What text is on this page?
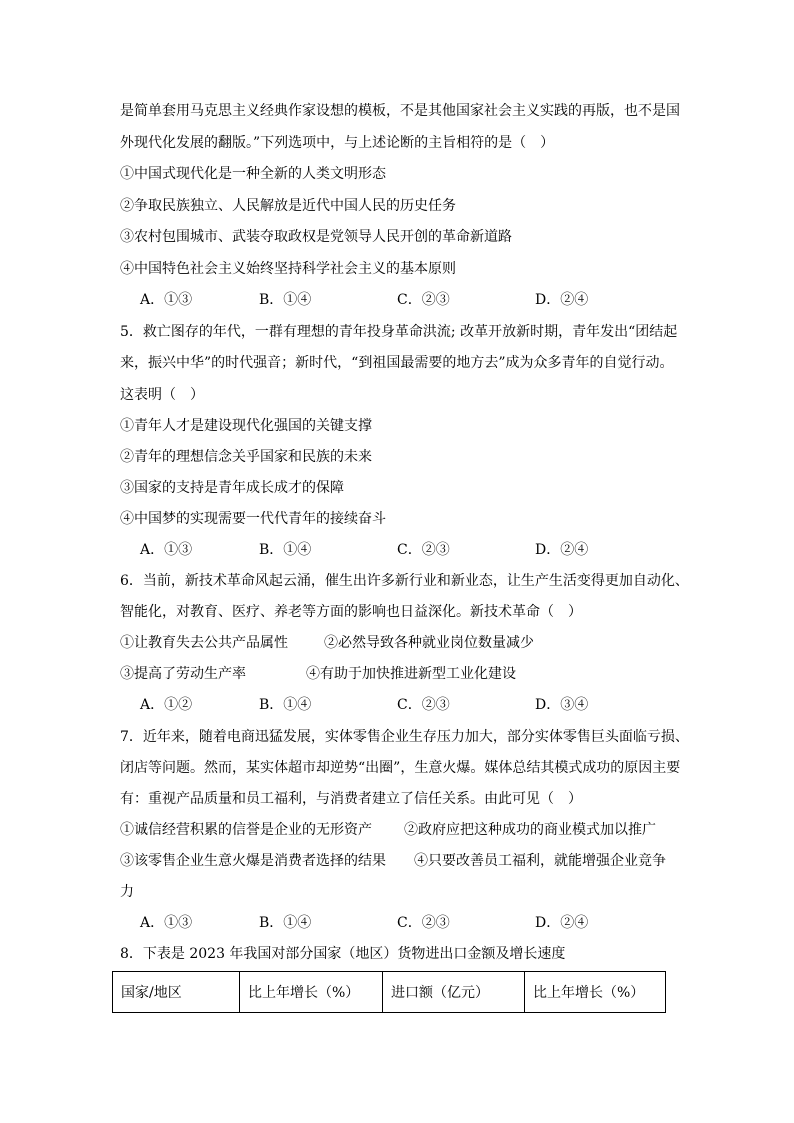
是简单套用马克思主义经典作家设想的模板，不是其他国家社会主义实践的再版，也不是国
外现代化发展的翻版。”下列选项中，与上述论断的主旨相符的是（　）
①中国式现代化是一种全新的人类文明形态
②争取民族独立、人民解放是近代中国人民的历史任务
③农村包围城市、武装夺取政权是党领导人民开创的革命新道路
④中国特色社会主义始终坚持科学社会主义的基本原则
A．①③	B．①④	C．②③	D．②④
5．救亡图存的年代，一群有理想的青年投身革命洪流; 改革开放新时期，青年发出“团结起
来，振兴中华”的时代强音；新时代，“到祖国最需要的地方去”成为众多青年的自觉行动。
这表明（　）
①青年人才是建设现代化强国的关键支撑
②青年的理想信念关乎国家和民族的未来
③国家的支持是青年成长成才的保障
④中国梦的实现需要一代代青年的接续奋斗
A．①③	B．①④	C．②③	D．②④
6．当前，新技术革命风起云涌，催生出许多新行业和新业态，让生产生活变得更加自动化、
智能化，对教育、医疗、养老等方面的影响也日益深化。新技术革命（　）
①让教育失去公共产品属性	②必然导致各种就业岗位数量减少
③提高了劳动生产率	④有助于加快推进新型工业化建设
A．①②	B．①④	C．②③	D．③④
7．近年来，随着电商迅猛发展，实体零售企业生存压力加大，部分实体零售巨头面临亏损、
闭店等问题。然而，某实体超市却逆势“出圈”，生意火爆。媒体总结其模式成功的原因主要
有：重视产品质量和员工福利，与消费者建立了信任关系。由此可见（　）
①诚信经营积累的信誉是企业的无形资产 ②政府应把这种成功的商业模式加以推广
③该零售企业生意火爆是消费者选择的结果 ④只要改善员工福利，就能增强企业竞争
力
A．①③	B．①④	C．②③	D．②④
8．下表是 2023 年我国对部分国家（地区）货物进出口金额及增长速度
国家/地区	比上年增长（%）	进口额（亿元）	比上年增长（%）
